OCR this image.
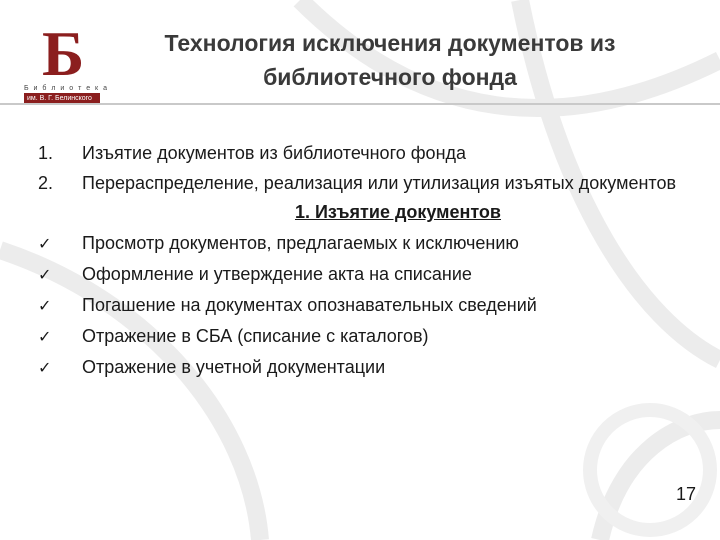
Б
Б и б л и о т е к а
им. В. Г. Белинского
Технология исключения документов из
библиотечного фонда
1.	Изъятие документов из библиотечного фонда
2.	Перераспределение, реализация или утилизация изъятых документов
1. Изъятие документов
✓	Просмотр документов, предлагаемых к исключению
✓	Оформление и утверждение акта на списание
✓	Погашение на документах опознавательных сведений
✓	Отражение в СБА (списание с каталогов)
✓	Отражение в учетной документации
17
